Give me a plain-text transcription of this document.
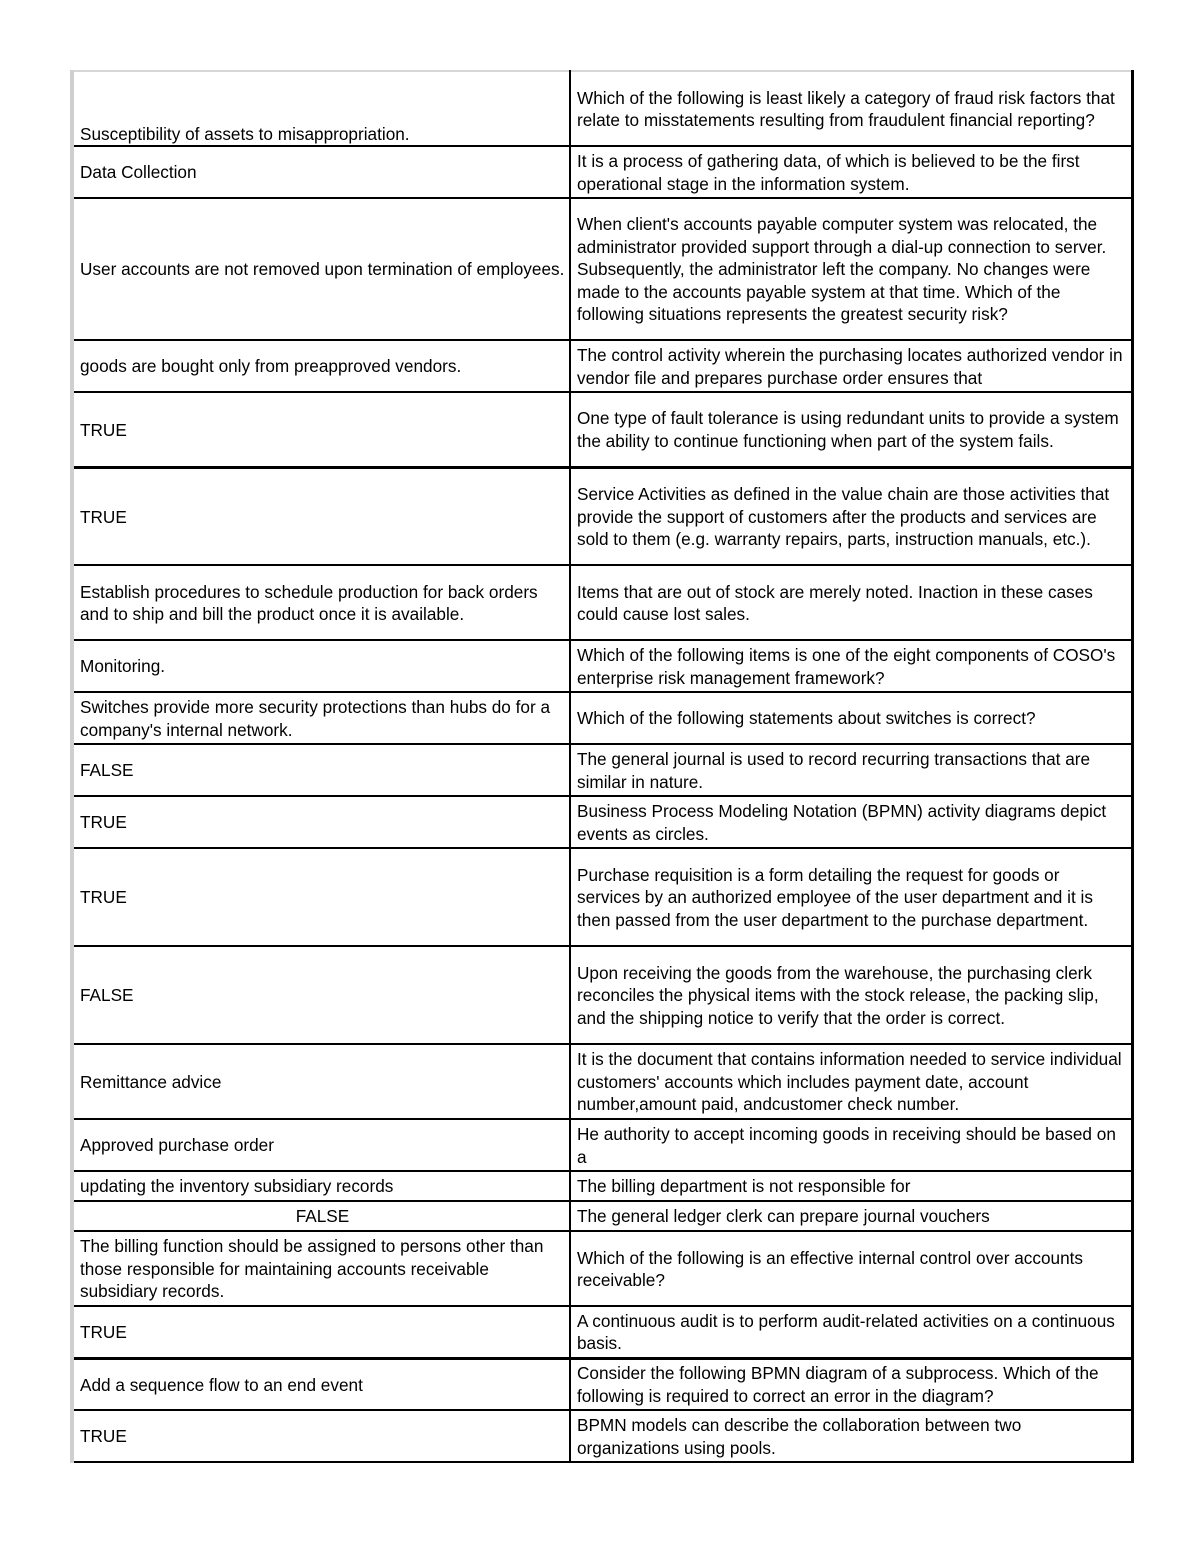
Susceptibility of assets to misappropriation.	Which of the following is least likely a category of fraud risk factors that relate to misstatements resulting from fraudulent financial reporting?
Data Collection	It is a process of gathering data, of which is believed to be the first operational stage in the information system.
User accounts are not removed upon termination of employees.	When client's accounts payable computer system was relocated, the administrator provided support through a dial-up connection to server. Subsequently, the administrator left the company. No changes were made to the accounts payable system at that time. Which of the following situations represents the greatest security risk?
goods are bought only from preapproved vendors.	The control activity wherein the purchasing locates authorized vendor in vendor file and prepares purchase order ensures that
TRUE	One type of fault tolerance is using redundant units to provide a system the ability to continue functioning when part of the system fails.
TRUE	Service Activities as defined in the value chain are those activities that provide the support of customers after the products and services are sold to them (e.g. warranty repairs, parts, instruction manuals, etc.).
Establish procedures to schedule production for back orders and to ship and bill the product once it is available.	Items that are out of stock are merely noted. Inaction in these cases could cause lost sales.
Monitoring.	Which of the following items is one of the eight components of COSO's enterprise risk management framework?
Switches provide more security protections than hubs do for a company's internal network.	Which of the following statements about switches is correct?
FALSE	The general journal is used to record recurring transactions that are similar in nature.
TRUE	Business Process Modeling Notation (BPMN) activity diagrams depict events as circles.
TRUE	Purchase requisition is a form detailing the request for goods or services by an authorized employee of the user department and it is then passed from the user department to the purchase department.
FALSE	Upon receiving the goods from the warehouse, the purchasing clerk reconciles the physical items with the stock release, the packing slip, and the shipping notice to verify that the order is correct.
Remittance advice	It is the document that contains information needed to service individual customers' accounts which includes payment date, account number,amount paid, andcustomer check number.
Approved purchase order	He authority to accept incoming goods in receiving should be based on a
updating the inventory subsidiary records	The billing department is not responsible for
FALSE	The general ledger clerk can prepare journal vouchers
The billing function should be assigned to persons other than those responsible for maintaining accounts receivable subsidiary records.	Which of the following is an effective internal control over accounts receivable?
TRUE	A continuous audit is to perform audit-related activities on a continuous basis.
Add a sequence flow to an end event	Consider the following BPMN diagram of a subprocess. Which of the following is required to correct an error in the diagram?
TRUE	BPMN models can describe the collaboration between two organizations using pools.
